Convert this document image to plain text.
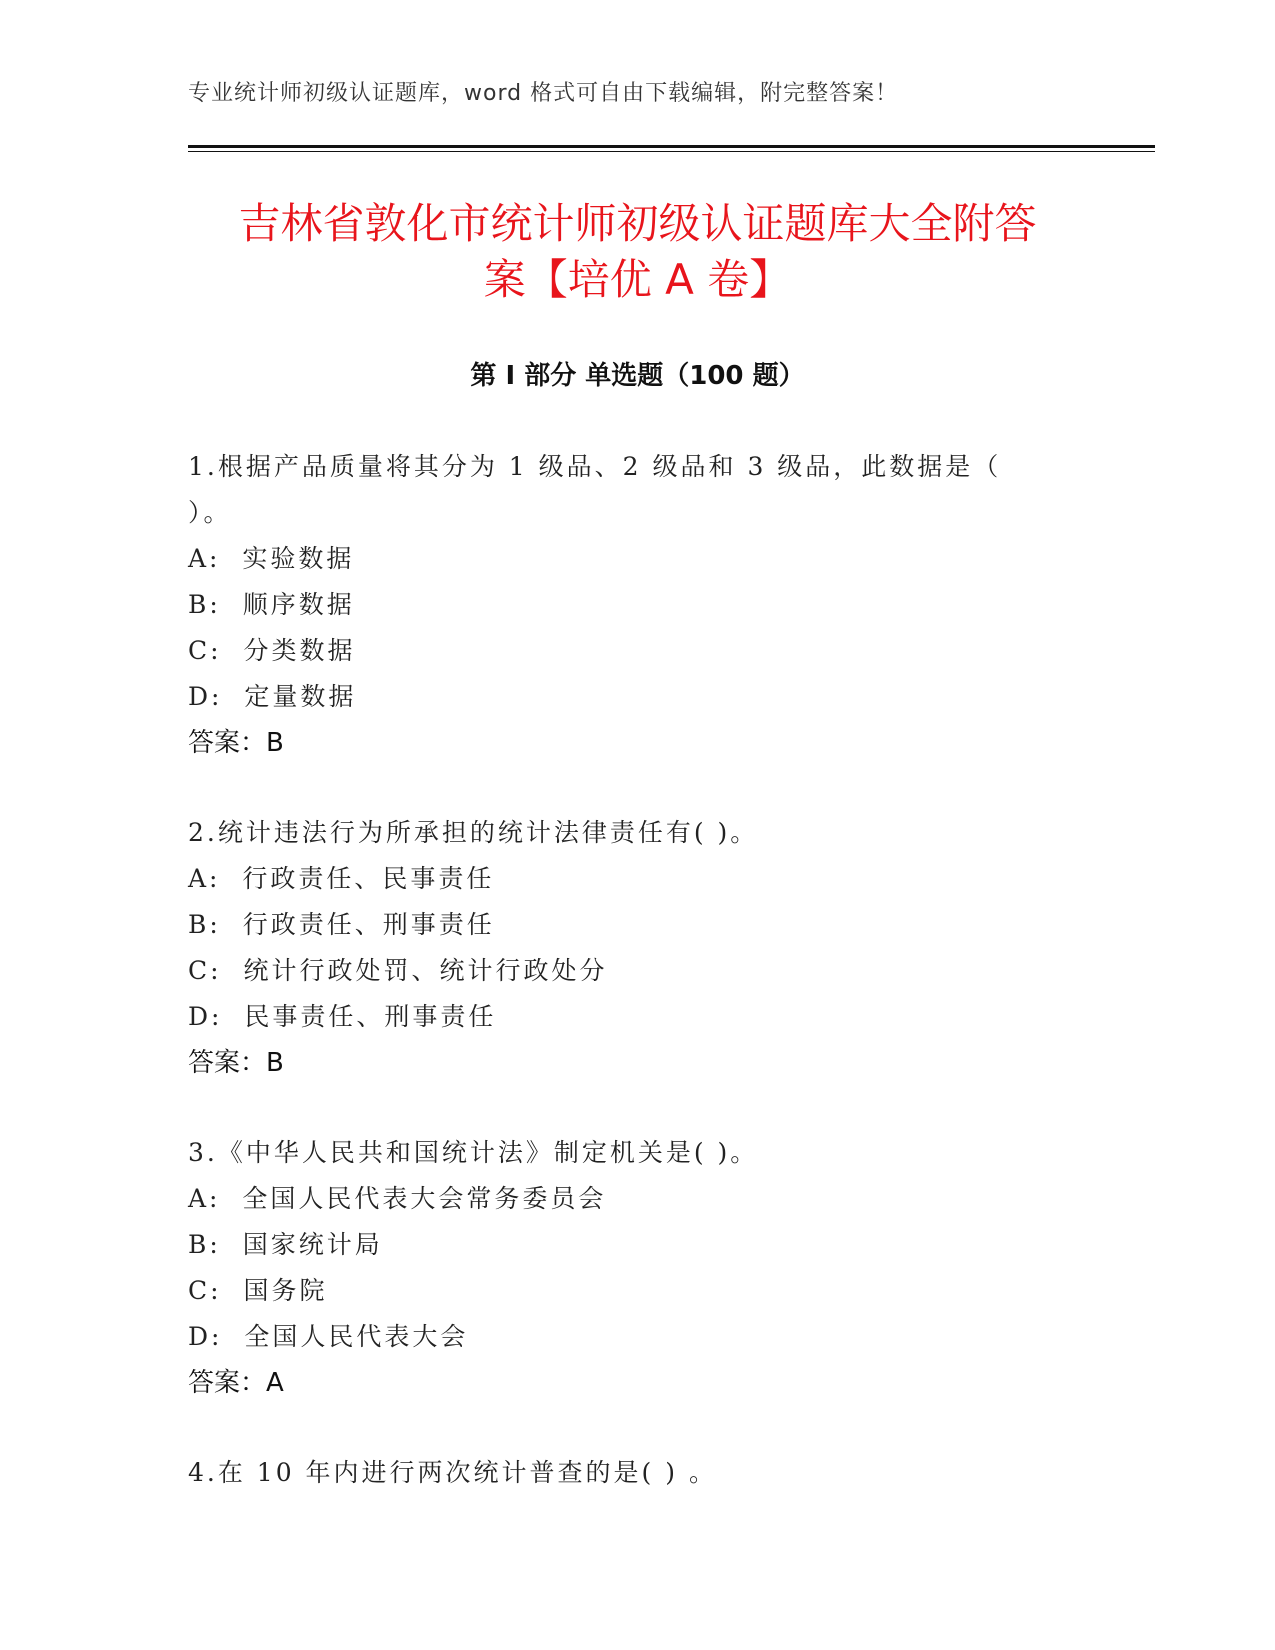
专业统计师初级认证题库，word 格式可自由下载编辑，附完整答案！
吉林省敦化市统计师初级认证题库大全附答
案【培优 A 卷】
第 I 部分 单选题（100 题）
1.根据产品质量将其分为 1 级品、2 级品和 3 级品，此数据是（ ）。
A:  实验数据
B:  顺序数据
C:  分类数据
D:  定量数据
答案：B
2.统计违法行为所承担的统计法律责任有( )。
A:  行政责任、民事责任
B:  行政责任、刑事责任
C:  统计行政处罚、统计行政处分
D:  民事责任、刑事责任
答案：B
3.《中华人民共和国统计法》制定机关是( )。
A:  全国人民代表大会常务委员会
B:  国家统计局
C:  国务院
D:  全国人民代表大会
答案：A
4.在 10 年内进行两次统计普查的是( ) 。
